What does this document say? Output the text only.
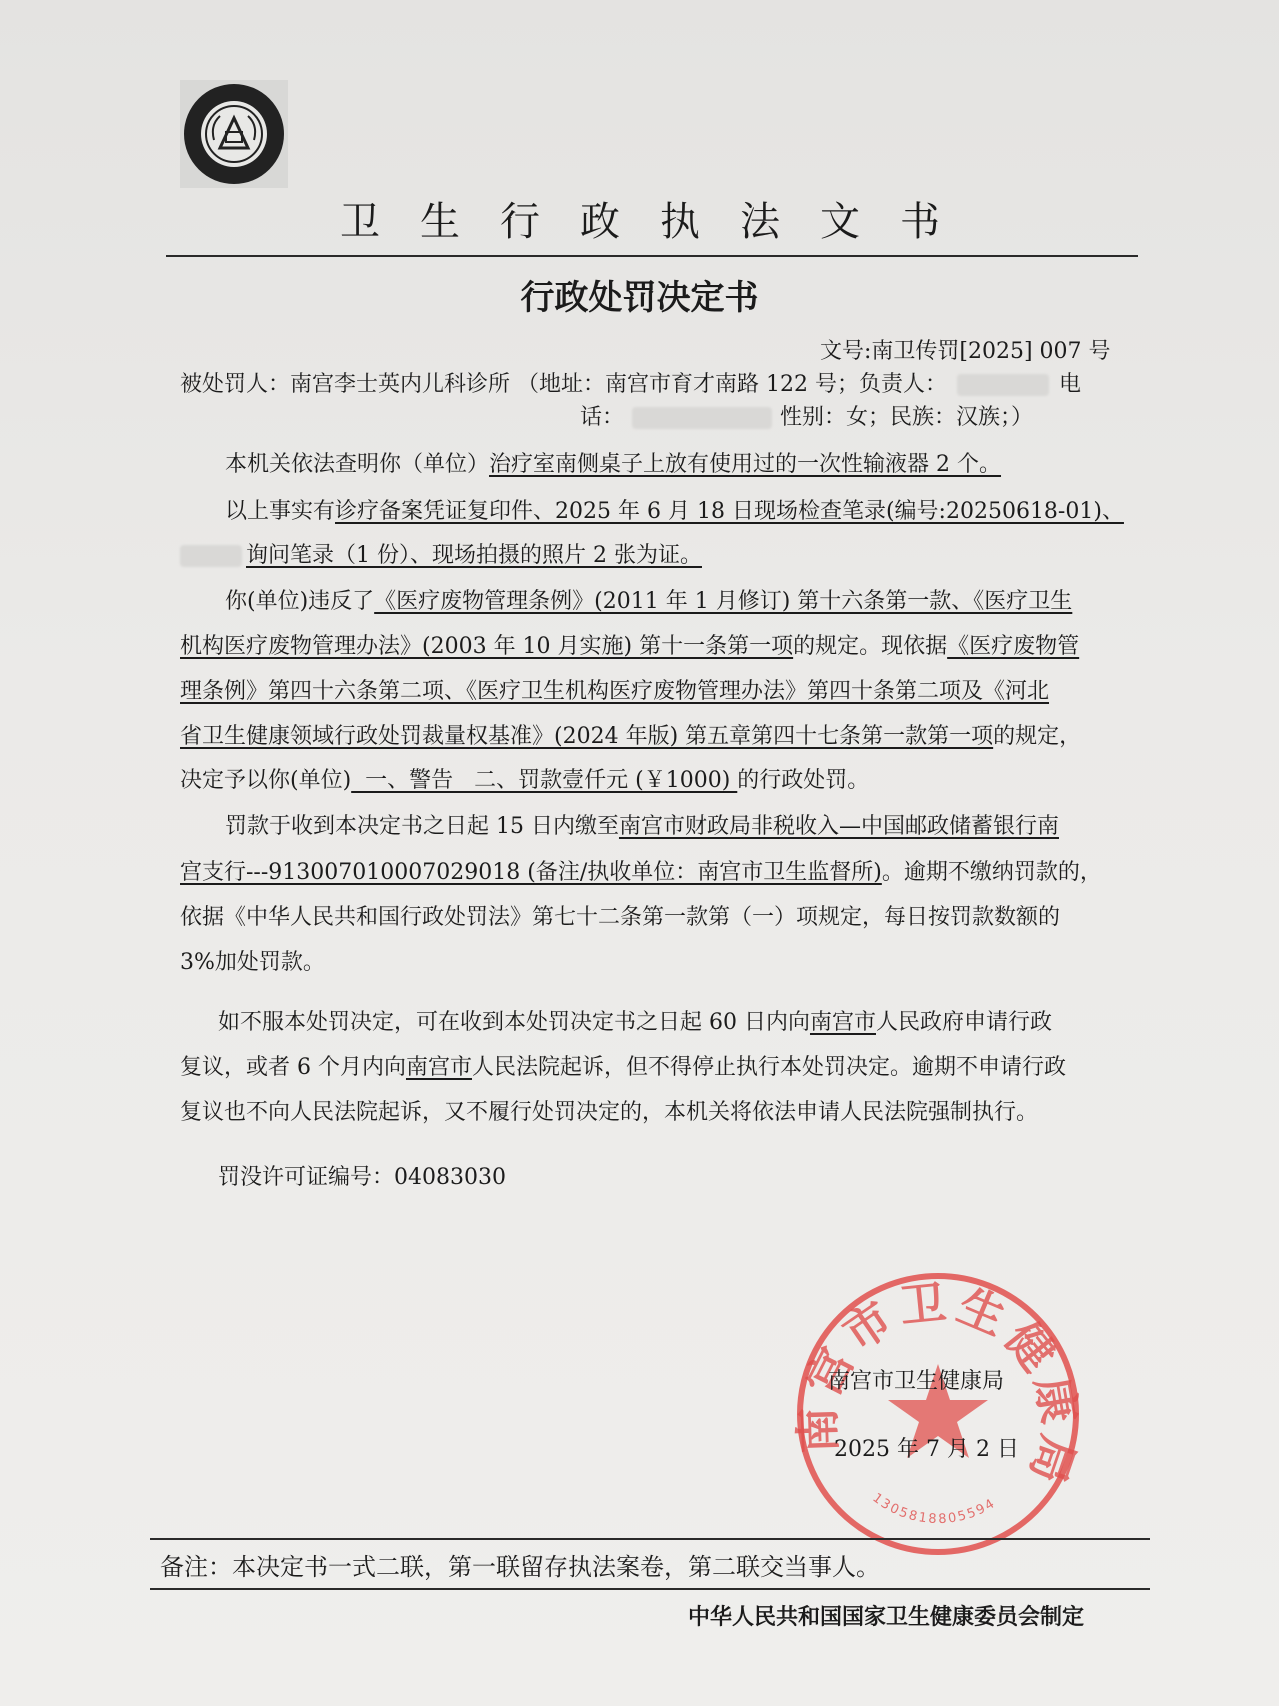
卫生行政执法文书
行政处罚决定书
文号:南卫传罚[2025] 007 号
被处罚人：南宫李士英内儿科诊所 （地址：南宫市育才南路 122 号；负责人：	电
话：	性别：女；民族：汉族；）
本机关依法查明你（单位）治疗室南侧桌子上放有使用过的一次性输液器 2 个。
以上事实有诊疗备案凭证复印件、2025 年 6 月 18 日现场检查笔录(编号:20250618-01)、
询问笔录（1 份）、现场拍摄的照片 2 张为证。
你(单位)违反了《医疗废物管理条例》(2011 年 1 月修订) 第十六条第一款、《医疗卫生
机构医疗废物管理办法》(2003 年 10 月实施) 第十一条第一项的规定。现依据《医疗废物管
理条例》第四十六条第二项、《医疗卫生机构医疗废物管理办法》第四十条第二项及《河北
省卫生健康领域行政处罚裁量权基准》(2024 年版) 第五章第四十七条第一款第一项的规定，
决定予以你(单位)  一、警告   二、罚款壹仟元 (￥1000) 的行政处罚。
罚款于收到本决定书之日起 15 日内缴至南宫市财政局非税收入—中国邮政储蓄银行南
宫支行---913007010007029018 (备注/执收单位：南宫市卫生监督所)。逾期不缴纳罚款的，
依据《中华人民共和国行政处罚法》第七十二条第一款第（一）项规定，每日按罚款数额的
3%加处罚款。
如不服本处罚决定，可在收到本处罚决定书之日起 60 日内向南宫市人民政府申请行政
复议，或者 6 个月内向南宫市人民法院起诉，但不得停止执行本处罚决定。逾期不申请行政
复议也不向人民法院起诉，又不履行处罚决定的，本机关将依法申请人民法院强制执行。
罚没许可证编号：04083030
南宫市卫生健康局
1305818805594
南宫市卫生健康局
2025 年 7 月 2 日
备注：本决定书一式二联，第一联留存执法案卷，第二联交当事人。
中华人民共和国国家卫生健康委员会制定
